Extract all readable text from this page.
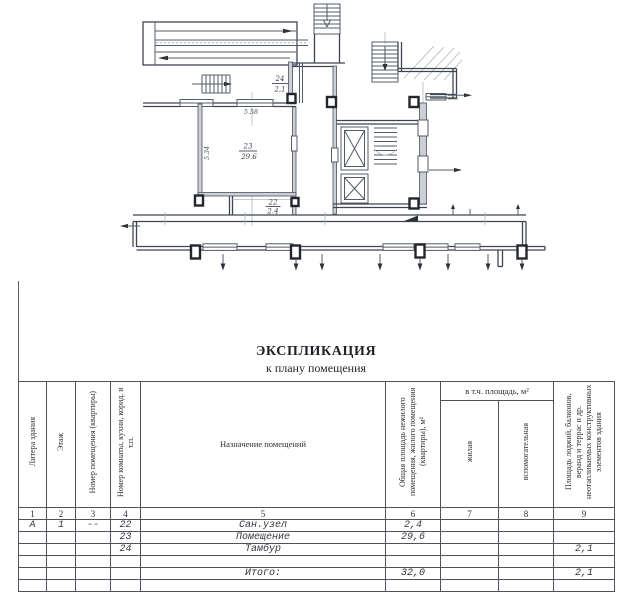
23
29.6
24
2,1
22
2.4
5.58
5.34
ЭКСПЛИКАЦИЯ
к плану помещения
Литера здания	Этаж	Номер помещения (квартиры)	Номер комнаты, кухни, корид. и т.п.	Назначение помещений	Общая площадь нежилого помещения, жилого помещения (квартиры), м²	в т.ч. площадь, м²		Площадь лоджий, балконов, веранд и террас и др. неотапливаемых конструктивных элементов здания
						жилая	вспомогательная	
1	2	3	4	5	6	7	8	9
А	1	--	22	Сан.узел	2,4			
			23	Помещение	29,6			
			24	Тамбур				2,1

				Итого:	32,0			2,1
